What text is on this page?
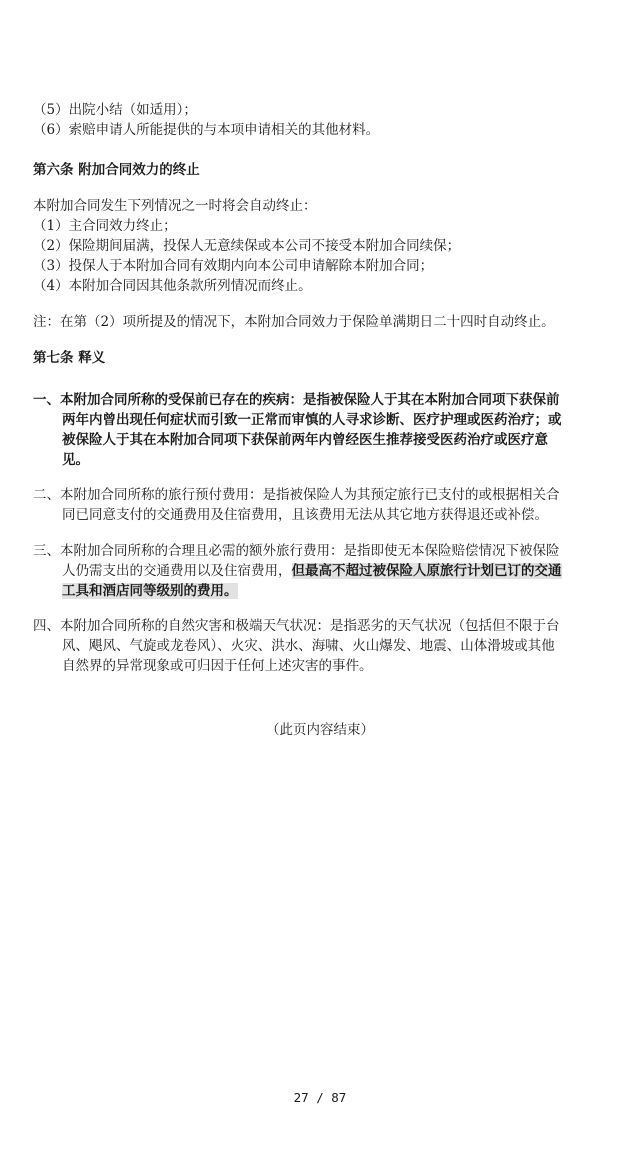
（5）出院小结（如适用）；
（6）索赔申请人所能提供的与本项申请相关的其他材料。
第六条 附加合同效力的终止
本附加合同发生下列情况之一时将会自动终止：
（1）主合同效力终止；
（2）保险期间届满，投保人无意续保或本公司不接受本附加合同续保；
（3）投保人于本附加合同有效期内向本公司申请解除本附加合同；
（4）本附加合同因其他条款所列情况而终止。
注：在第（2）项所提及的情况下，本附加合同效力于保险单满期日二十四时自动终止。
第七条 释义
一、本附加合同所称的受保前已存在的疾病：是指被保险人于其在本附加合同项下获保前
两年内曾出现任何症状而引致一正常而审慎的人寻求诊断、医疗护理或医药治疗；或
被保险人于其在本附加合同项下获保前两年内曾经医生推荐接受医药治疗或医疗意
见。
二、本附加合同所称的旅行预付费用：是指被保险人为其预定旅行已支付的或根据相关合
同已同意支付的交通费用及住宿费用，且该费用无法从其它地方获得退还或补偿。
三、本附加合同所称的合理且必需的额外旅行费用：是指即使无本保险赔偿情况下被保险
人仍需支出的交通费用以及住宿费用，但最高不超过被保险人原旅行计划已订的交通
工具和酒店同等级别的费用。
四、本附加合同所称的自然灾害和极端天气状况：是指恶劣的天气状况（包括但不限于台
风、飓风、气旋或龙卷风）、火灾、洪水、海啸、火山爆发、地震、山体滑坡或其他
自然界的异常现象或可归因于任何上述灾害的事件。
（此页内容结束）
27 / 87
